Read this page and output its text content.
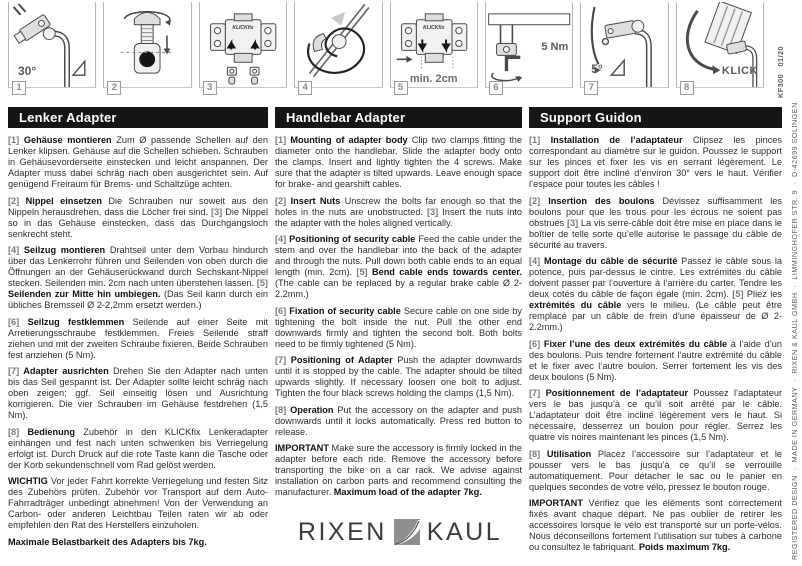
30°
1	2
KLICKfix
3	4
KLICKfix
min. 2cm
5
5 Nm
6
5°
7
KLICK
8
Lenker Adapter

[1] Gehäuse montieren Zum Ø passende Schellen auf den Lenker klipsen. Gehäuse auf die Schellen schieben. Schrauben in Gehäusevorderseite einstecken und leicht anspannen. Der Adapter muss dabei schräg nach oben ausgerichtet sein. Auf genügend Freiraum für Brems- und Schaltzüge achten.

[2] Nippel einsetzen Die Schrauben nur soweit aus den Nippeln herausdrehen, dass die Löcher frei sind. [3] Die Nippel so in das Gehäuse einstecken, dass das Durchgangsloch senkrecht steht.

[4] Seilzug montieren Drahtseil unter dem Vorbau hindurch über das Lenkerrohr führen und Seilenden von oben durch die Öffnungen an der Gehäuserückwand durch Sechskant-Nippel stecken. Seilenden min. 2cm nach unten überstehen lassen. [5] Seilenden zur Mitte hin umbiegen. (Das Seil kann durch ein übliches Bremsseil Ø 2-2,2mm ersetzt werden.)

[6] Seilzug festklemmen Seilende auf einer Seite mit Arretierungsschraube festklemmen. Freies Seilende straff ziehen und mit der zweiten Schraube fixieren. Beide Schrauben fest anziehen (5 Nm).

[7] Adapter ausrichten Drehen Sie den Adapter nach unten bis das Seil gespannt ist. Der Adapter sollte leicht schräg nach oben zeigen; ggf. Seil einseitig lösen und Ausrichtung korrigieren. Die vier Schrauben im Gehäuse festdrehen (1,5 Nm).

[8] Bedienung Zubehör in den KLICKfix Lenkeradapter einhängen und fest nach unten schwenken bis Verriegelung erfolgt ist. Durch Druck auf die rote Taste kann die Tasche oder der Korb sekundenschnell vom Rad gelöst werden.

WICHTIG Vor jeder Fahrt korrekte Verriegelung und festen Sitz des Zubehörs prüfen. Zubehör vor Transport auf dem Auto-Fahrradträger unbedingt abnehmen! Von der Verwendung an Carbon- oder anderen Leichtbau Teilen raten wir ab oder empfehlen den Rat des Herstellers einzuholen.

Maximale Belastbarkeit des Adapters bis 7kg.

Handlebar Adapter

[1] Mounting of adapter body Clip two clamps fitting the diameter onto the handlebar. Slide the adapter body onto the clamps. Insert and lightly tighten the 4 screws. Make sure that the adapter is tilted upwards. Leave enough space for brake- and gearshift cables.

[2] Insert Nuts Unscrew the bolts far enough so that the holes in the nuts are unobstructed. [3] Insert the nuts into the adapter with the holes aligned vertically.

[4] Positioning of security cable Feed the cable under the stem and over the handlebar into the back of the adapter and through the nuts. Pull down both cable ends to an equal length (min. 2cm). [5] Bend cable ends towards center. (The cable can be replaced by a regular brake cable Ø 2-2.2mm.)

[6] Fixation of security cable Secure cable on one side by tightening the bolt inside the nut. Pull the other end downwards firmly and tighten the second bolt. Both bolts need to be firmly tightened (5 Nm).

[7] Positioning of Adapter Push the adapter downwards until it is stopped by the cable. The adapter should be tilted upwards slightly. If necessary loosen one bolt to adjust. Tighten the four black screws holding the clamps (1,5 Nm).

[8] Operation Put the accessory on the adapter and push downwards until it locks automatically. Press red button to release.

IMPORTANT Make sure the accessory is firmly locked in the adapter before each ride. Remove the accessory before transporting the bike on a car rack. We advise against installation on carbon parts and recommend consulting the manufacturer. Maximum load of the adapter 7kg.

Support Guidon

[1] Installation de l’adaptateur Clipsez les pinces correspondant au diamètre sur le guidon. Poussez le support sur les pinces et fixer les vis en serrant légèrement. Le support doit être incliné d’environ 30° vers le haut. Vérifier l’espace pour toutes les câbles !

[2] Insertion des boulons Dévissez suffisamment les boulons pour que les trous pour les écrous ne soient pas obstrués [3] La vis serre-câble doit être mise en place dans le boîtier de telle sorte qu’elle autorise le passage du câble de sécurité au travers.

[4] Montage du câble de sécurité Passez le câble sous la potence, puis par-dessus le cintre. Les extrémités du câble doivent passer par l’ouverture à l’arrière du carter. Tendre les deux cotés du câble de façon égale (min. 2cm). [5] Pliez les extrémités du câble vers le milieu. (Le câble peut être remplacé par un câble de frein d’une épaisseur de Ø 2-2.2mm.)

[6] Fixer l’une des deux extrémités du câble à l’aide d’un des boulons. Puis tendre fortement l’autre extrémité du câble et le fixer avec l’autre boulon. Serrer fortement les vis des deux boulons (5 Nm).

[7] Positionnement de l’adaptateur Poussez l’adaptateur vers le bas jusqu’à ce qu’il soit arrêté par le câble. L’adaptateur doit être incliné légèrement vers le haut. Si nécessaire, desserrez un boulon pour régler. Serrez les quatre vis noires maintenant les pinces (1,5 Nm).

[8] Utilisation Placez l’accessoire sur l’adaptateur et le pousser vers le bas jusqu’à ce qu’il se verrouille automatiquement. Pour détacher le sac ou le panier en quelques secondes de votre vélo, pressez le bouton rouge.

IMPORTANT Vérifiez que les éléments sont correctement fixés avant chaque départ. Ne pas oublier de retirer les accessoires lorsque le vélo est transporté sur un porte-vélos. Nous déconseillons fortement l’utilisation sur tubes à carbone ou consultez le fabriquant. Poids maximum 7kg.

RIXEN KAUL
KF300   01/20
REGISTERED DESIGN  ·  MADE IN GERMANY  ·  RIXEN & KAUL GMBH  ·  LIMMINGHOFER STR. 9  ·  D-42699 SOLINGEN
